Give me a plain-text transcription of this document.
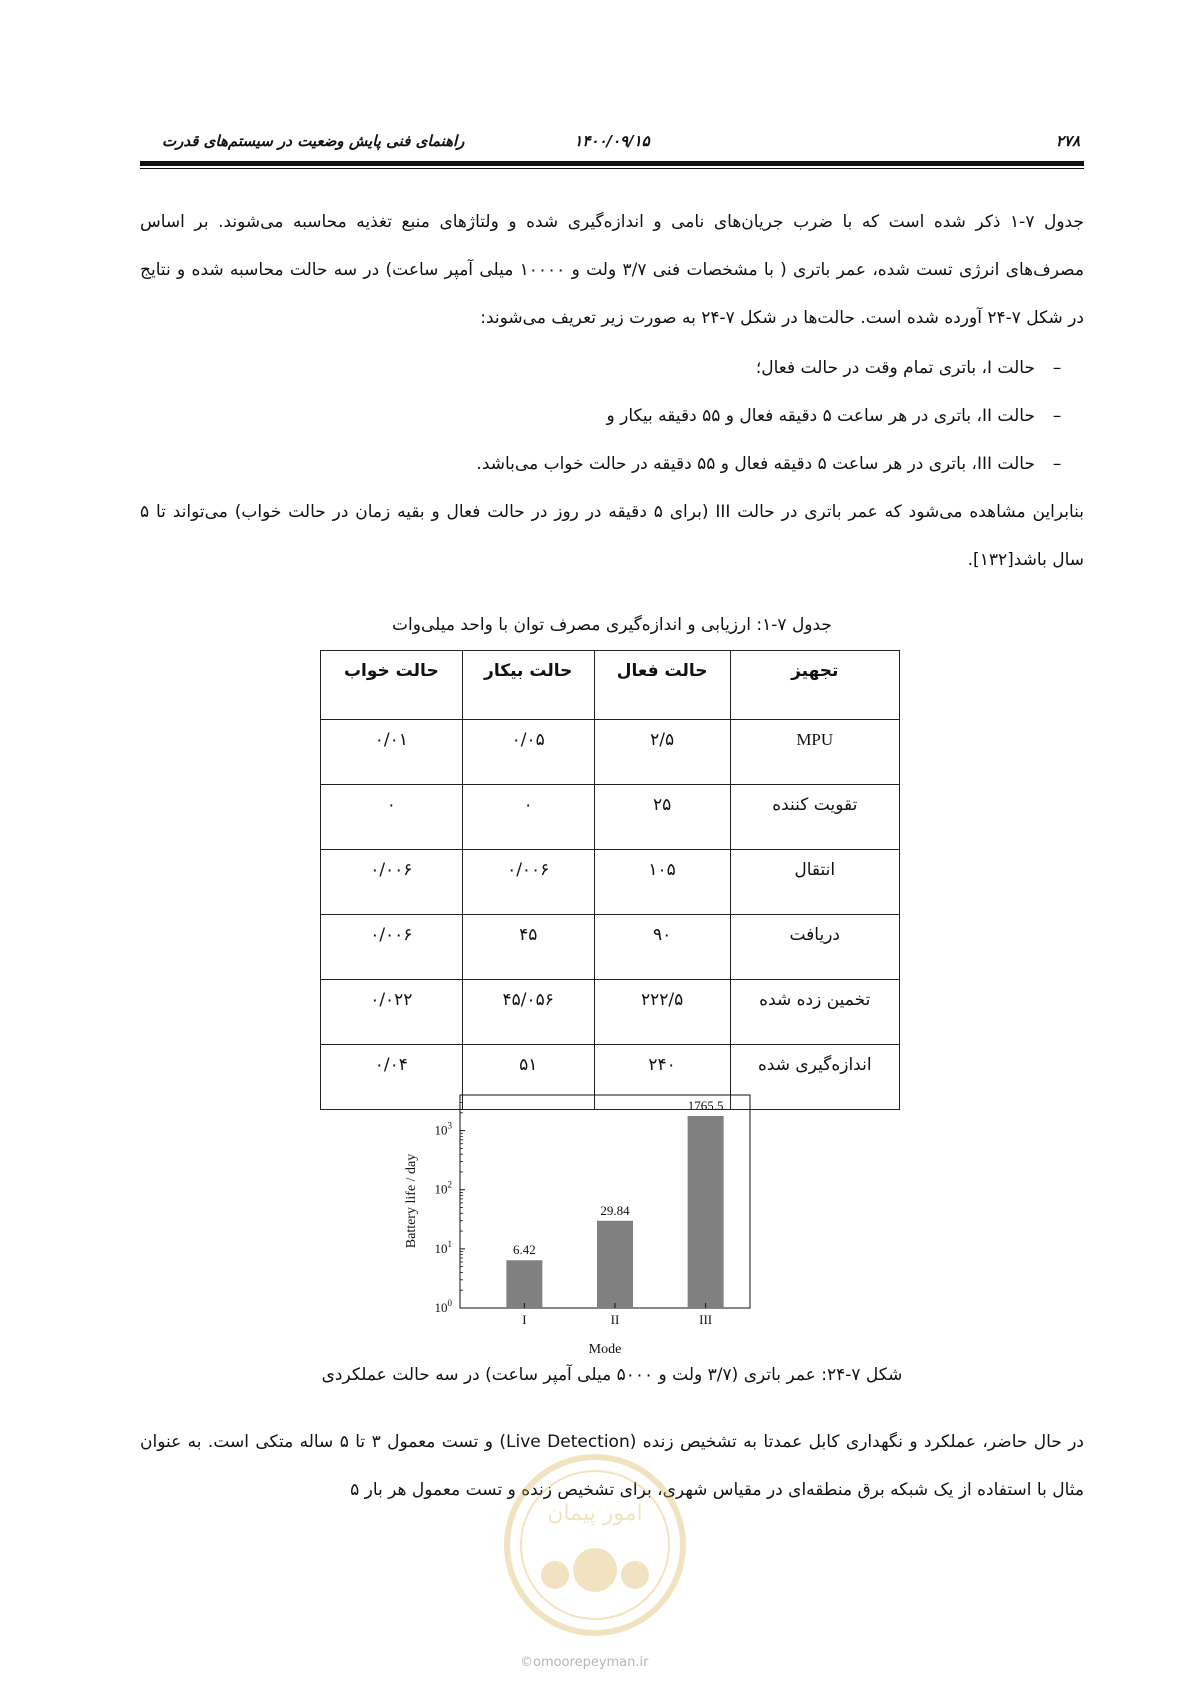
راهنمای فنی پایش وضعیت در سیستم‌های قدرت	۱۴۰۰/۰۹/۱۵	۲۷۸

جدول ۷-۱ ذکر شده است که با ضرب جریان‌های نامی و اندازه‌گیری شده و ولتاژهای منبع تغذیه محاسبه می‌شوند. بر اساس مصرف‌های انرژی تست شده، عمر باتری ( با مشخصات فنی ۳/۷ ولت و ۱۰۰۰۰ میلی آمپر ساعت) در سه حالت محاسبه شده و نتایج در شکل ۷-۲۴ آورده شده است. حالت‌ها در شکل ۷-۲۴ به صورت زیر تعریف می‌شوند:

– حالت I، باتری تمام وقت در حالت فعال؛
– حالت II، باتری در هر ساعت ۵ دقیقه فعال و ۵۵ دقیقه بیکار و
– حالت III، باتری در هر ساعت ۵ دقیقه فعال و ۵۵ دقیقه در حالت خواب می‌باشد.

بنابراین مشاهده می‌شود که عمر باتری در حالت III (برای ۵ دقیقه در روز در حالت فعال و بقیه زمان در حالت خواب) می‌تواند تا ۵ سال باشد[۱۳۲].

جدول ۷-۱: ارزیابی و اندازه‌گیری مصرف توان با واحد میلی‌وات
تجهیز	حالت فعال	حالت بیکار	حالت خواب
MPU	۲/۵	۰/۰۵	۰/۰۱
تقویت کننده	۲۵	۰	۰
انتقال	۱۰۵	۰/۰۰۶	۰/۰۰۶
دریافت	۹۰	۴۵	۰/۰۰۶
تخمین زده شده	۲۲۲/۵	۴۵/۰۵۶	۰/۰۲۲
اندازه‌گیری شده	۲۴۰	۵۱	۰/۰۴
$10^0$
$10^1$
$10^2$
$10^3$
6.42
29.84
1765.5
I	II	III
Battery life / day
Mode
شکل ۷-۲۴: عمر باتری (۳/۷ ولت و ۵۰۰۰ میلی آمپر ساعت) در سه حالت عملکردی

در حال حاضر، عملکرد و نگهداری کابل عمدتا به تشخیص زنده (Live Detection) و تست معمول ۳ تا ۵ ساله متکی است. به عنوان مثال با استفاده از یک شبکه برق منطقه‌ای در مقیاس شهری، برای تشخیص زنده و تست معمول هر بار ۵

امور پیمان
©omoorepeyman.ir
